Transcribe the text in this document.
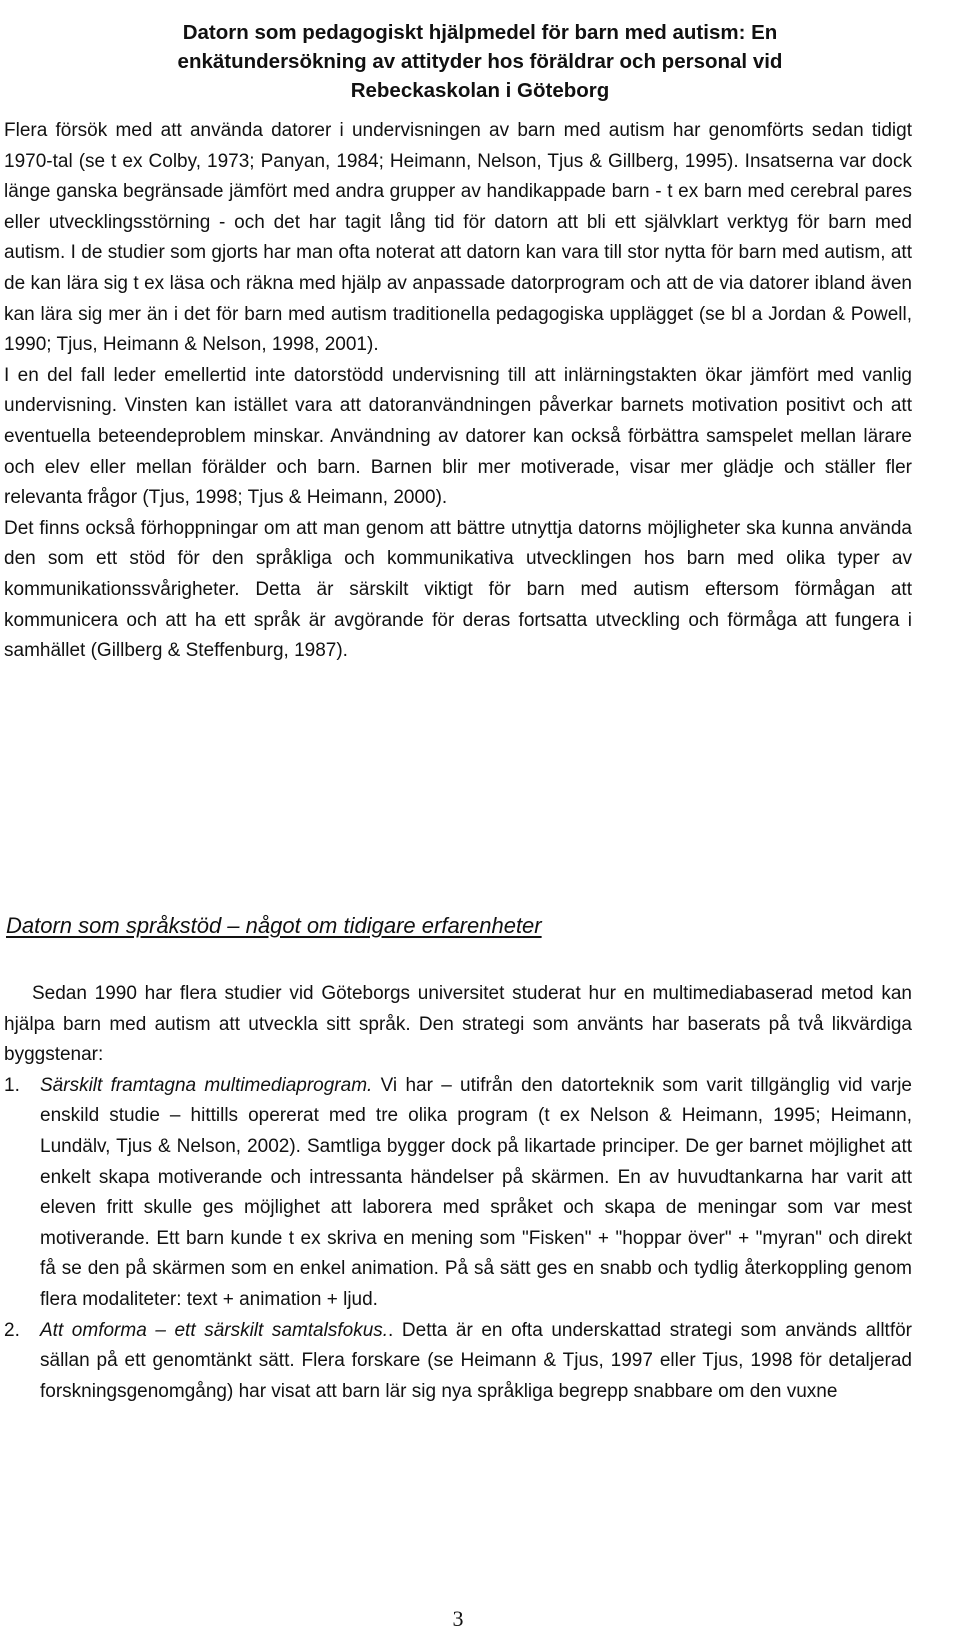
Datorn som pedagogiskt hjälpmedel för barn med autism: En
enkätundersökning av attityder hos föräldrar och personal vid
Rebeckaskolan i Göteborg

Flera försök med att använda datorer i undervisningen av barn med autism har genomförts sedan tidigt 1970-tal (se t ex Colby, 1973; Panyan, 1984; Heimann, Nelson, Tjus & Gillberg, 1995). Insatserna var dock länge ganska begränsade jämfört med andra grupper av handikappade barn - t ex barn med cerebral pares eller utvecklingsstörning - och det har tagit lång tid för datorn att bli ett självklart verktyg för barn med autism. I de studier som gjorts har man ofta noterat att datorn kan vara till stor nytta för barn med autism, att de kan lära sig t ex läsa och räkna med hjälp av anpassade datorprogram och att de via datorer ibland även kan lära sig mer än i det för barn med autism traditionella pedagogiska upplägget (se bl a Jordan & Powell, 1990; Tjus, Heimann & Nelson, 1998, 2001).

I en del fall leder emellertid inte datorstödd undervisning till att inlärningstakten ökar jämfört med vanlig undervisning. Vinsten kan istället vara att datoranvändningen påverkar barnets motivation positivt och att eventuella beteendeproblem minskar. Användning av datorer kan också förbättra samspelet mellan lärare och elev eller mellan förälder och barn. Barnen blir mer motiverade, visar mer glädje och ställer fler relevanta frågor (Tjus, 1998; Tjus & Heimann, 2000).

Det finns också förhoppningar om att man genom att bättre utnyttja datorns möjligheter ska kunna använda den som ett stöd för den språkliga och kommunikativa utvecklingen hos barn med olika typer av kommunikationssvårigheter. Detta är särskilt viktigt för barn med autism eftersom förmågan att kommunicera och att ha ett språk är avgörande för deras fortsatta utveckling och förmåga att fungera i samhället (Gillberg & Steffenburg, 1987).

Datorn som språkstöd – något om tidigare erfarenheter

Sedan 1990 har flera studier vid Göteborgs universitet studerat hur en multimediabaserad metod kan hjälpa barn med autism att utveckla sitt språk. Den strategi som använts har baserats på två likvärdiga byggstenar:

1. Särskilt framtagna multimediaprogram. Vi har – utifrån den datorteknik som varit tillgänglig vid varje enskild studie – hittills opererat med tre olika program (t ex Nelson & Heimann, 1995; Heimann, Lundälv, Tjus & Nelson, 2002). Samtliga bygger dock på likartade principer. De ger barnet möjlighet att enkelt skapa motiverande och intressanta händelser på skärmen. En av huvudtankarna har varit att eleven fritt skulle ges möjlighet att laborera med språket och skapa de meningar som var mest motiverande. Ett barn kunde t ex skriva en mening som "Fisken" + "hoppar över" + "myran" och direkt få se den på skärmen som en enkel animation. På så sätt ges en snabb och tydlig återkoppling genom flera modaliteter: text + animation + ljud.
2. Att omforma – ett särskilt samtalsfokus.. Detta är en ofta underskattad strategi som används alltför sällan på ett genomtänkt sätt. Flera forskare (se Heimann & Tjus, 1997 eller Tjus, 1998 för detaljerad forskningsgenomgång) har visat att barn lär sig nya språkliga begrepp snabbare om den vuxne
3
